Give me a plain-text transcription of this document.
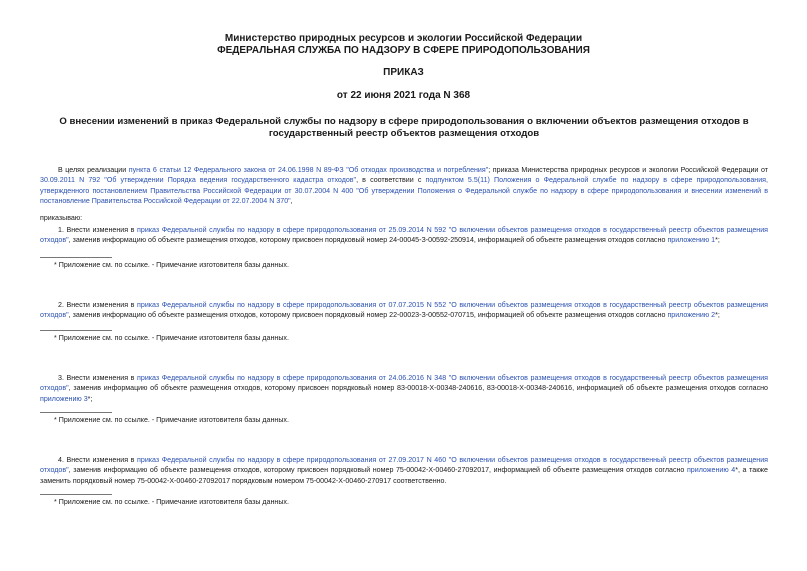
Министерство природных ресурсов и экологии Российской Федерации
ФЕДЕРАЛЬНАЯ СЛУЖБА ПО НАДЗОРУ В СФЕРЕ ПРИРОДОПОЛЬЗОВАНИЯ
ПРИКАЗ
от 22 июня 2021 года N 368
О внесении изменений в приказ Федеральной службы по надзору в сфере природопользования о включении объектов размещения отходов в государственный реестр объектов размещения отходов

В целях реализации пункта 6 статьи 12 Федерального закона от 24.06.1998 N 89-ФЗ "Об отходах производства и потребления"; приказа Министерства природных ресурсов и экологии Российской Федерации от 30.09.2011 N 792 "Об утверждении Порядка ведения государственного кадастра отходов", в соответствии с подпунктом 5.5(11) Положения о Федеральной службе по надзору в сфере природопользования, утвержденного постановлением Правительства Российской Федерации от 30.07.2004 N 400 "Об утверждении Положения о Федеральной службе по надзору в сфере природопользования и внесении изменений в постановление Правительства Российской Федерации от 22.07.2004 N 370",

приказываю:

1. Внести изменения в приказ Федеральной службы по надзору в сфере природопользования от 25.09.2014 N 592 "О включении объектов размещения отходов в государственный реестр объектов размещения отходов", заменив информацию об объекте размещения отходов, которому присвоен порядковый номер 24-00045-З-00592-250914, информацией об объекте размещения отходов согласно приложению 1*;

* Приложение см. по ссылке. - Примечание изготовителя базы данных.

2. Внести изменения в приказ Федеральной службы по надзору в сфере природопользования от 07.07.2015 N 552 "О включении объектов размещения отходов в государственный реестр объектов размещения отходов", заменив информацию об объекте размещения отходов, которому присвоен порядковый номер 22-00023-З-00552-070715, информацией об объекте размещения отходов согласно приложению 2*;

* Приложение см. по ссылке. - Примечание изготовителя базы данных.

3. Внести изменения в приказ Федеральной службы по надзору в сфере природопользования от 24.06.2016 N 348 "О включении объектов размещения отходов в государственный реестр объектов размещения отходов", заменив информацию об объекте размещения отходов, которому присвоен порядковый номер 83-00018-Х-00348-240616, 83-00018-Х-00348-240616, информацией об объекте размещения отходов согласно приложению 3*;

* Приложение см. по ссылке. - Примечание изготовителя базы данных.

4. Внести изменения в приказ Федеральной службы по надзору в сфере природопользования от 27.09.2017 N 460 "О включении объектов размещения отходов в государственный реестр объектов размещения отходов", заменив информацию об объекте размещения отходов, которому присвоен порядковый номер 75-00042-Х-00460-27092017, информацией об объекте размещения отходов согласно приложению 4*, а также заменить порядковый номер 75-00042-Х-00460-27092017 порядковым номером 75-00042-Х-00460-270917 соответственно.

* Приложение см. по ссылке. - Примечание изготовителя базы данных.
